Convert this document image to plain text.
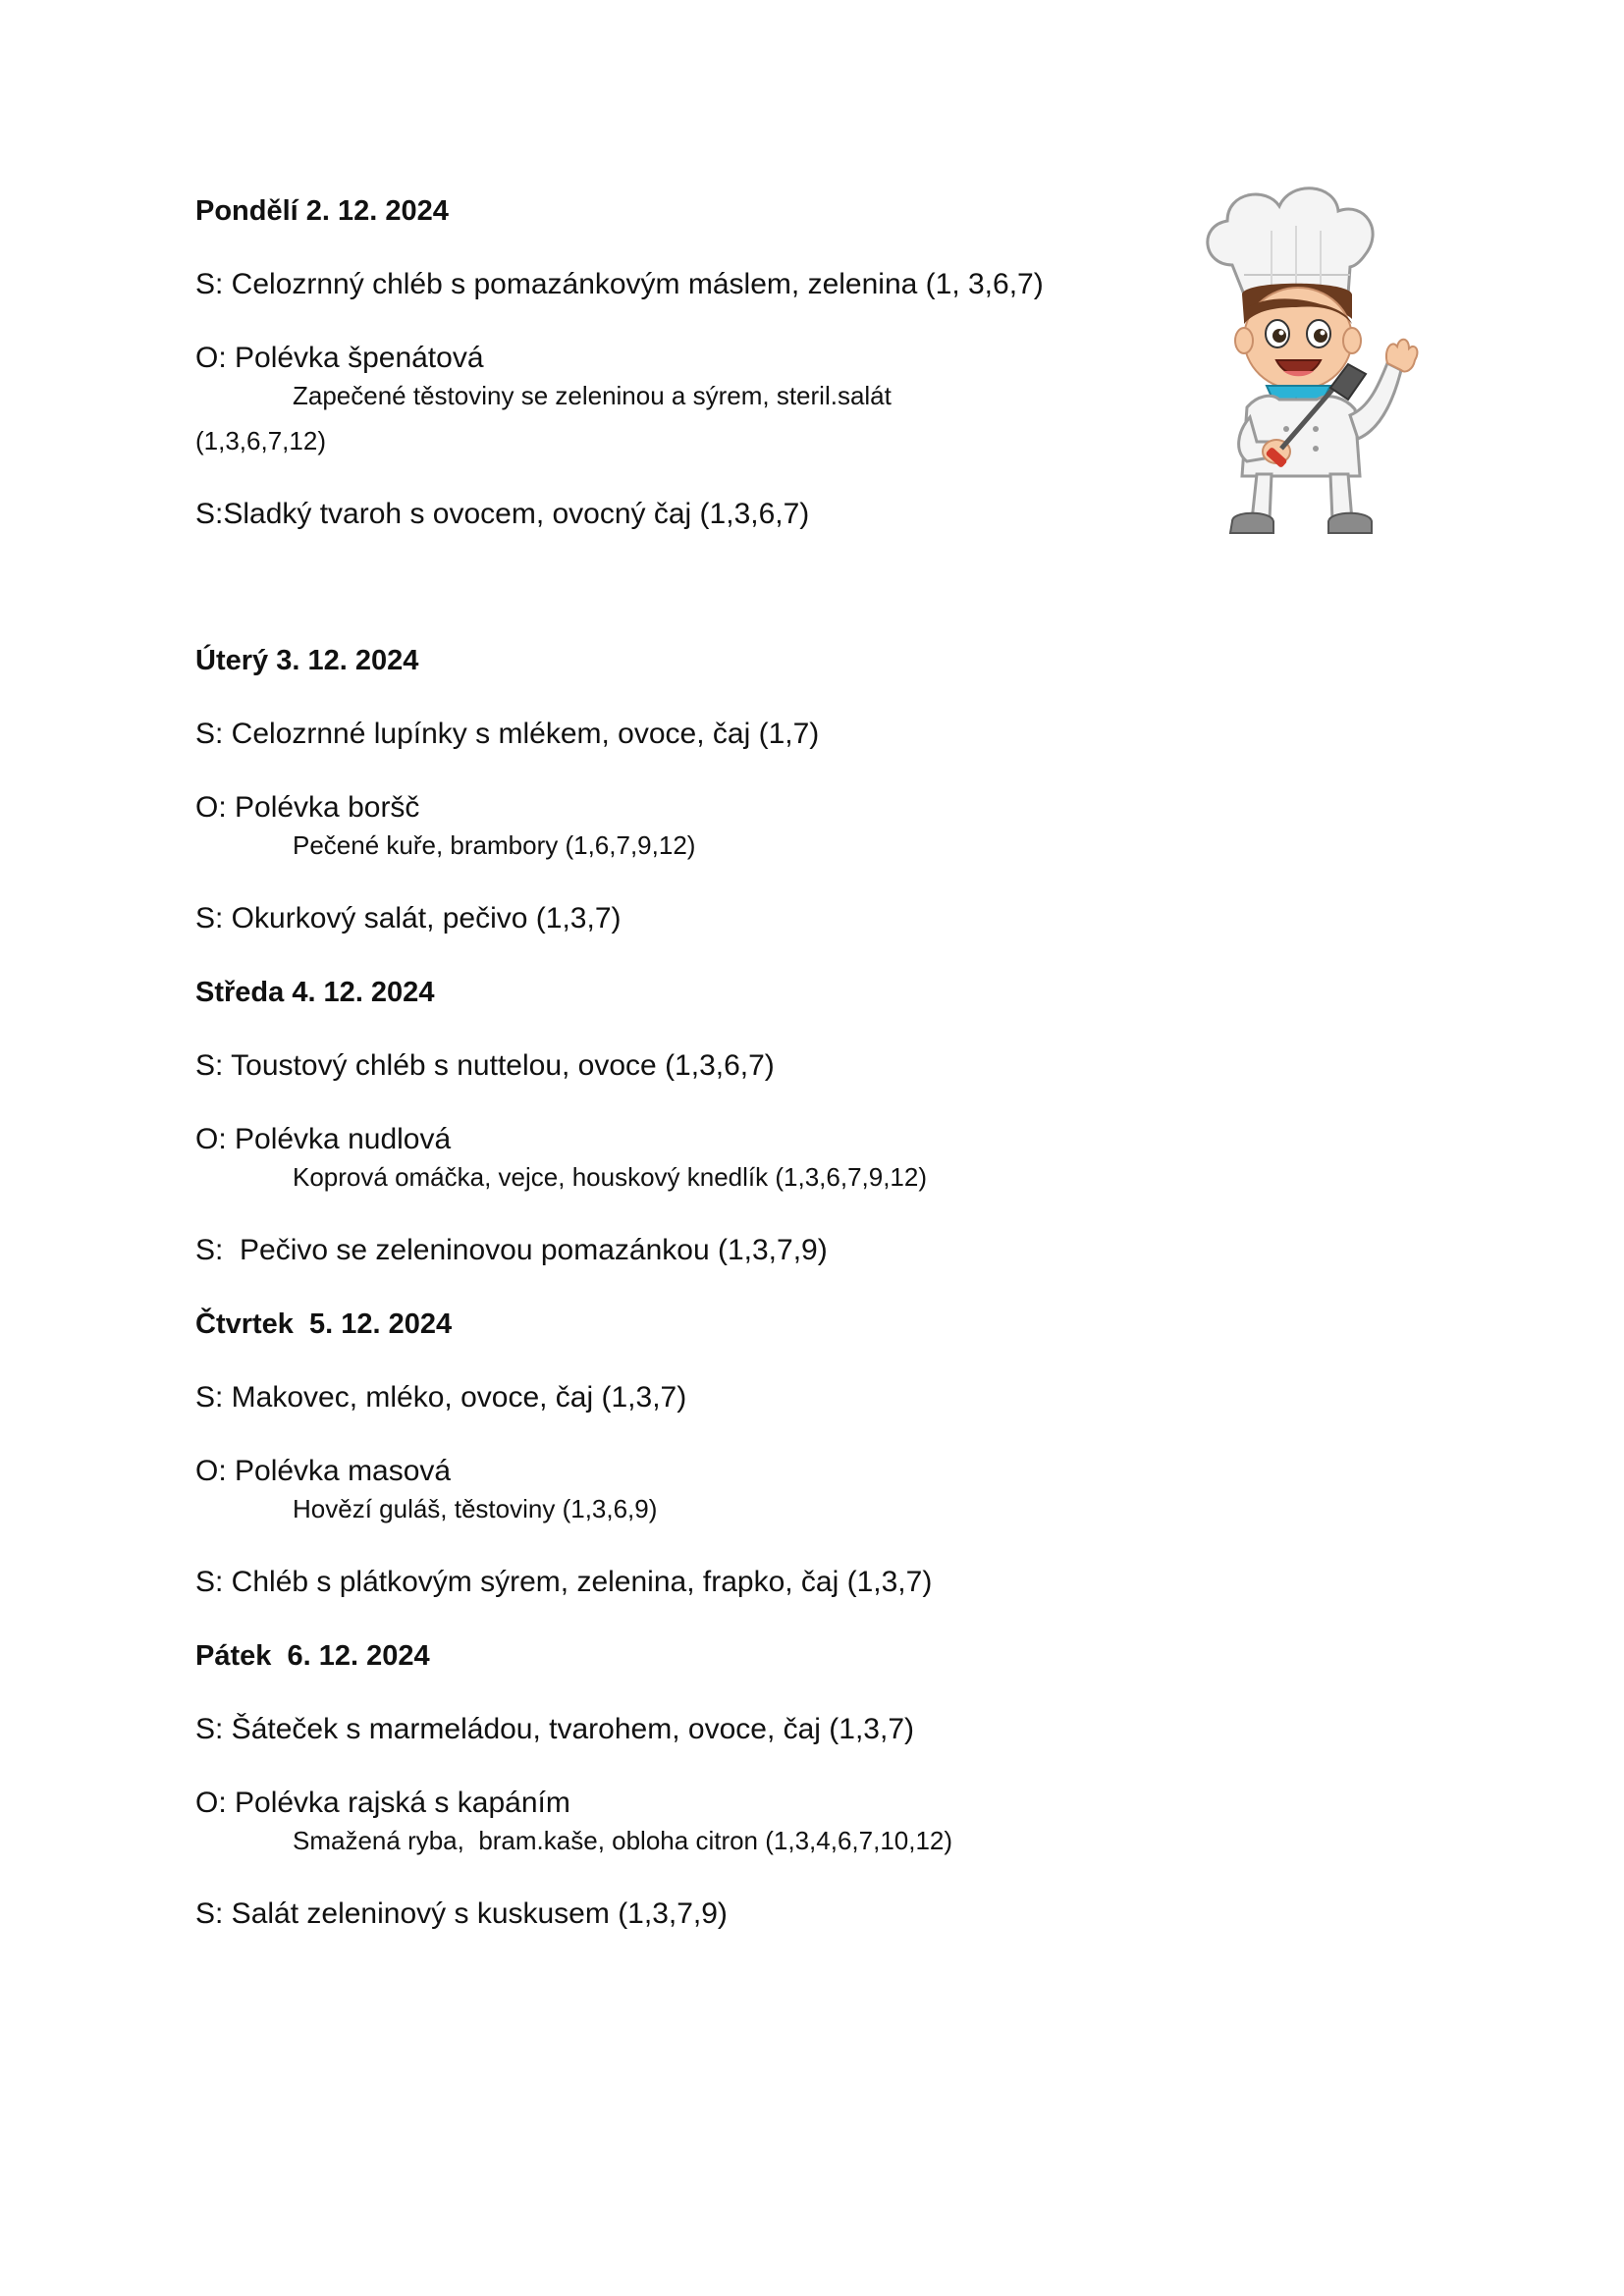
Pondělí 2. 12. 2024
S: Celozrnný chléb s pomazánkovým máslem, zelenina (1, 3,6,7)
O: Polévka špenátová
Zapečené těstoviny se zeleninou a sýrem, steril.salát
(1,3,6,7,12)
S:Sladký tvaroh s ovocem, ovocný čaj (1,3,6,7)
Úterý 3. 12. 2024
S: Celozrnné lupínky s mlékem, ovoce, čaj (1,7)
O: Polévka boršč
Pečené kuře, brambory (1,6,7,9,12)
S: Okurkový salát, pečivo (1,3,7)
Středa 4. 12. 2024
S: Toustový chléb s nuttelou, ovoce (1,3,6,7)
O: Polévka nudlová
Koprová omáčka, vejce, houskový knedlík (1,3,6,7,9,12)
S:  Pečivo se zeleninovou pomazánkou (1,3,7,9)
Čtvrtek  5. 12. 2024
S: Makovec, mléko, ovoce, čaj (1,3,7)
O: Polévka masová
Hovězí guláš, těstoviny (1,3,6,9)
S: Chléb s plátkovým sýrem, zelenina, frapko, čaj (1,3,7)
Pátek  6. 12. 2024
S: Šáteček s marmeládou, tvarohem, ovoce, čaj (1,3,7)
O: Polévka rajská s kapáním
Smažená ryba,  bram.kaše, obloha citron (1,3,4,6,7,10,12)
S: Salát zeleninový s kuskusem (1,3,7,9)
